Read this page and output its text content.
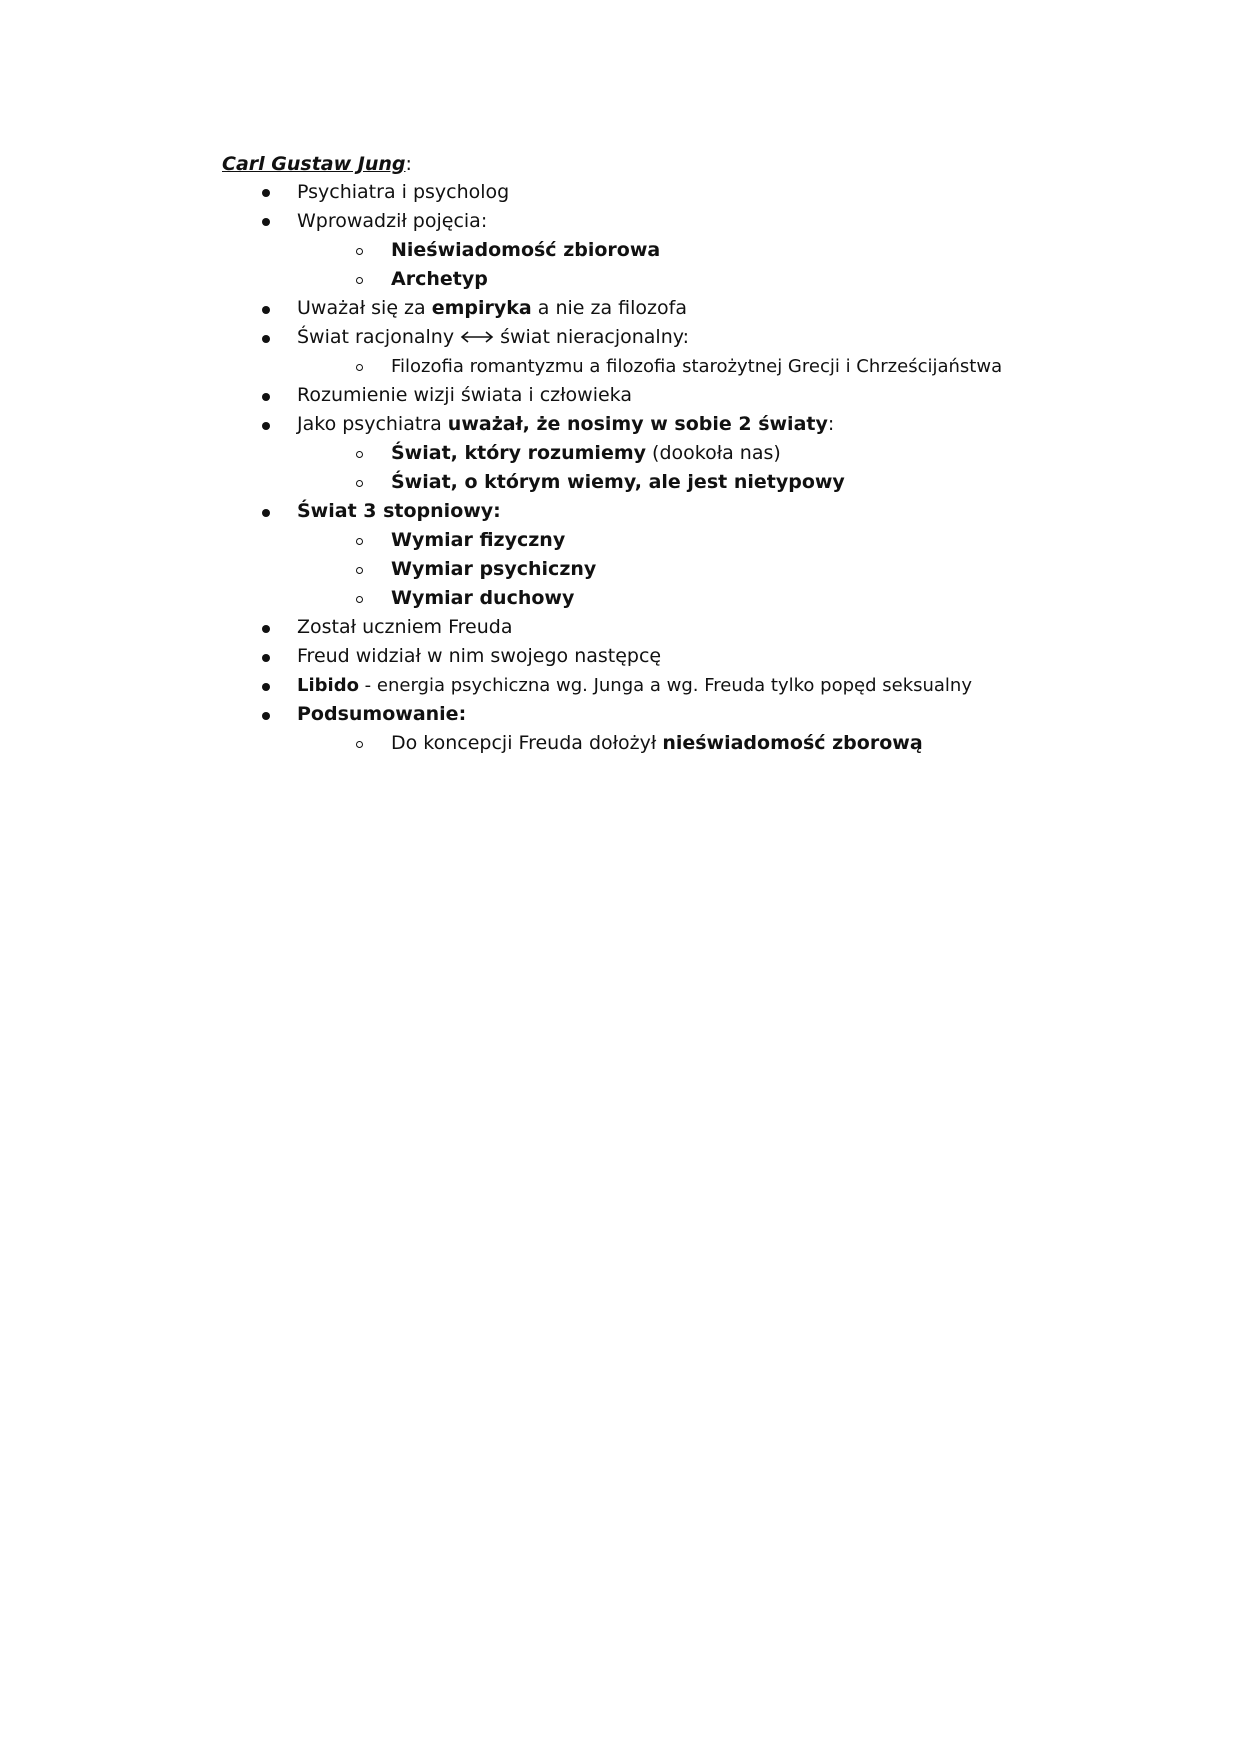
Carl Gustaw Jung:
Psychiatra i psycholog
Wprowadził pojęcia:
Nieświadomość zbiorowa
Archetyp
Uważał się za empiryka a nie za filozofa
Świat racjonalny świat nieracjonalny:
Filozofia romantyzmu a filozofia starożytnej Grecji i Chrześcijaństwa
Rozumienie wizji świata i człowieka
Jako psychiatra uważał, że nosimy w sobie 2 światy:
Świat, który rozumiemy (dookoła nas)
Świat, o którym wiemy, ale jest nietypowy
Świat 3 stopniowy:
Wymiar fizyczny
Wymiar psychiczny
Wymiar duchowy
Został uczniem Freuda
Freud widział w nim swojego następcę
Libido - energia psychiczna wg. Junga a wg. Freuda tylko popęd seksualny
Podsumowanie:
Do koncepcji Freuda dołożył nieświadomość zborową
